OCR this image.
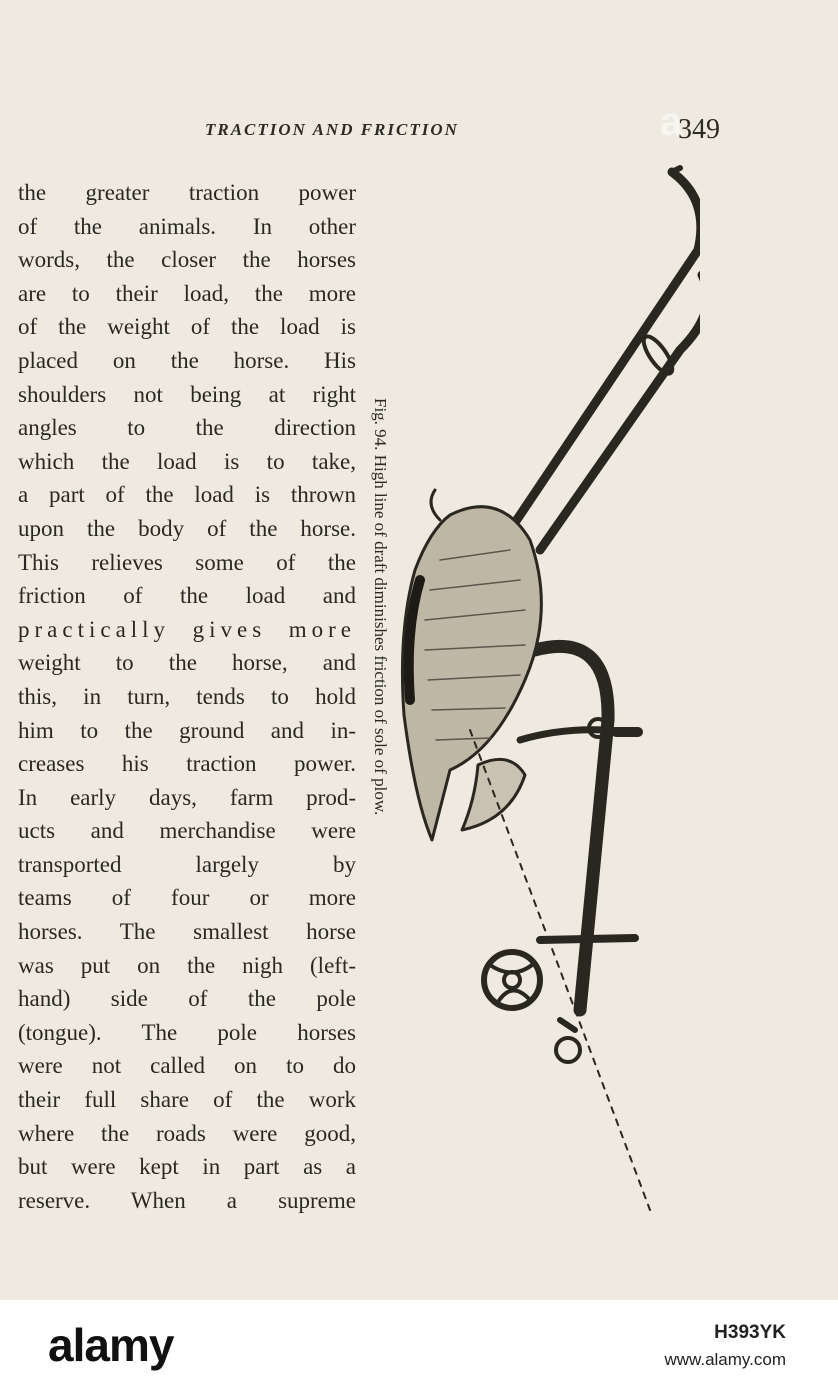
TRACTION AND FRICTION	349
the greater traction power
of the animals. In other
words, the closer the horses
are to their load, the more
of the weight of the load is
placed on the horse. His
shoulders not being at right
angles to the direction
which the load is to take,
a part of the load is thrown
upon the body of the horse.
This relieves some of the
friction of the load and
practically gives more
weight to the horse, and
this, in turn, tends to hold
him to the ground and in-
creases his traction power.
In early days, farm prod-
ucts and merchandise were
transported largely by
teams of four or more
horses. The smallest horse
was put on the nigh (left-
hand) side of the pole
(tongue). The pole horses
were not called on to do
their full share of the work
where the roads were good,
but were kept in part as a
reserve. When a supreme
Fig. 94. High line of draft diminishes friction of sole of plow.
a
alamy	H393YK
www.alamy.com
